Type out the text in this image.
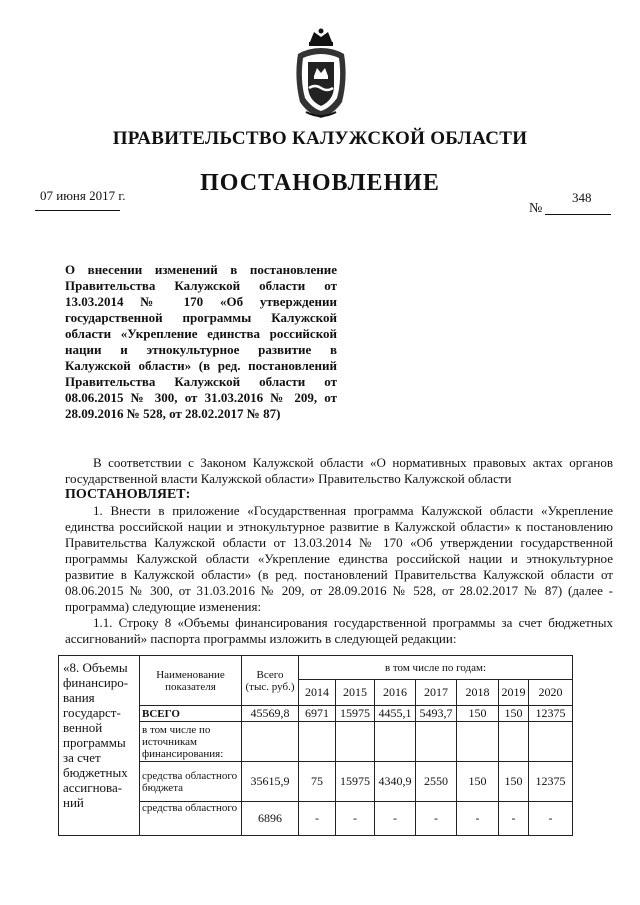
ПРАВИТЕЛЬСТВО КАЛУЖСКОЙ ОБЛАСТИ
ПОСТАНОВЛЕНИЕ
07 июня 2017 г.	348
№
О внесении изменений в постановление Правительства Калужской области от 13.03.2014 № 170 «Об утверждении государственной программы Калужской области «Укрепление единства российской нации и этнокультурное развитие в Калужской области» (в ред. постановлений Правительства Калужской области от 08.06.2015 № 300, от 31.03.2016 № 209, от 28.09.2016 № 528, от 28.02.2017 № 87)

В соответствии с Законом Калужской области «О нормативных правовых актах органов государственной власти Калужской области» Правительство Калужской области

ПОСТАНОВЛЯЕТ:

1. Внести в приложение «Государственная программа Калужской области «Укрепление единства российской нации и этнокультурное развитие в Калужской области» к постановлению Правительства Калужской области от 13.03.2014 № 170 «Об утверждении государственной программы Калужской области «Укрепление единства российской нации и этнокультурное развитие в Калужской области» (в ред. постановлений Правительства Калужской области от 08.06.2015 № 300, от 31.03.2016 № 209, от 28.09.2016 № 528, от 28.02.2017 № 87) (далее - программа) следующие изменения:

1.1. Строку 8 «Объемы финансирования государственной программы за счет бюджетных ассигнований» паспорта программы изложить в следующей редакции:

«8. Объемы финансиро-вания государст-венной программы за счет бюджетных ассигнова-ний	Наименование показателя	Всего (тыс. руб.)	в том числе по годам:						
			2014	2015	2016	2017	2018	2019	2020
	ВСЕГО	45569,8	6971	15975	4455,1	5493,7	150	150	12375
	в том числе по источникам финансирования:								
	средства областного бюджета	35615,9	75	15975	4340,9	2550	150	150	12375
	средства областного	6896	-	-	-	-	-	-	-
